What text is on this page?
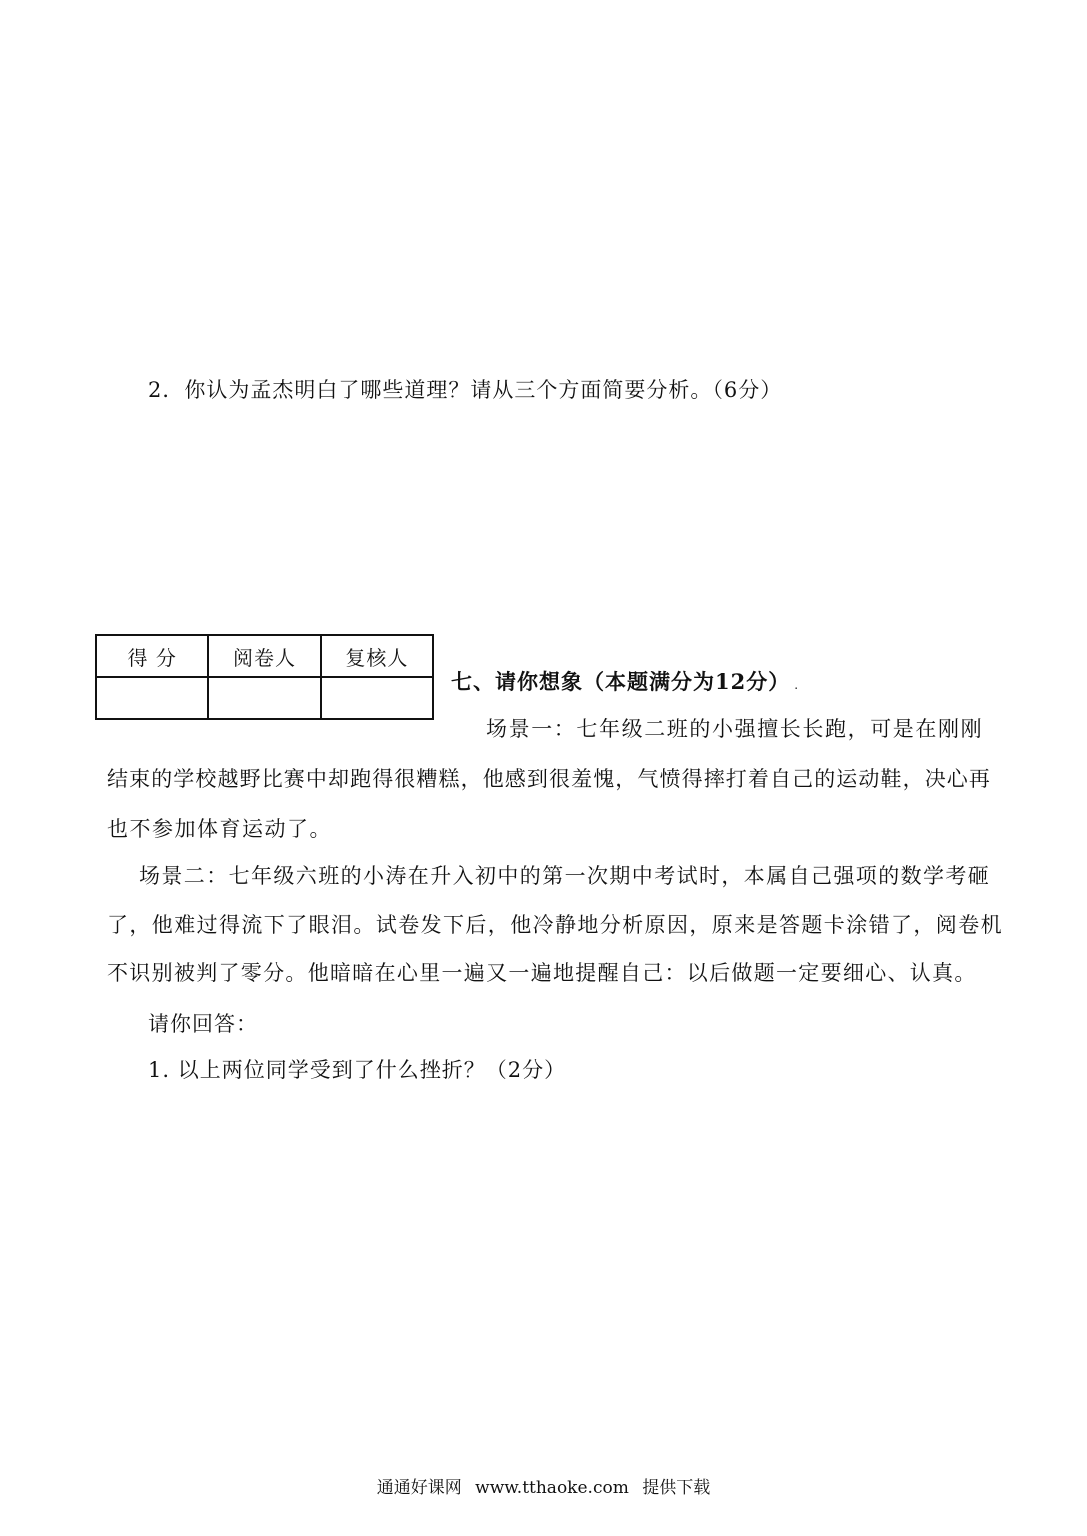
2．你认为孟杰明白了哪些道理？请从三个方面简要分析。（6分）
得 分	阅卷人	复核人

七、请你想象（本题满分为12分） .
场景一：七年级二班的小强擅长长跑，可是在刚刚
结束的学校越野比赛中却跑得很糟糕，他感到很羞愧，气愤得摔打着自己的运动鞋，决心再
也不参加体育运动了。
场景二：七年级六班的小涛在升入初中的第一次期中考试时，本属自己强项的数学考砸
了，他难过得流下了眼泪。试卷发下后，他冷静地分析原因，原来是答题卡涂错了，阅卷机
不识别被判了零分。他暗暗在心里一遍又一遍地提醒自己：以后做题一定要细心、认真。
请你回答：
1. 以上两位同学受到了什么挫折？（2分）
通通好课网 www.tthaoke.com 提供下载
